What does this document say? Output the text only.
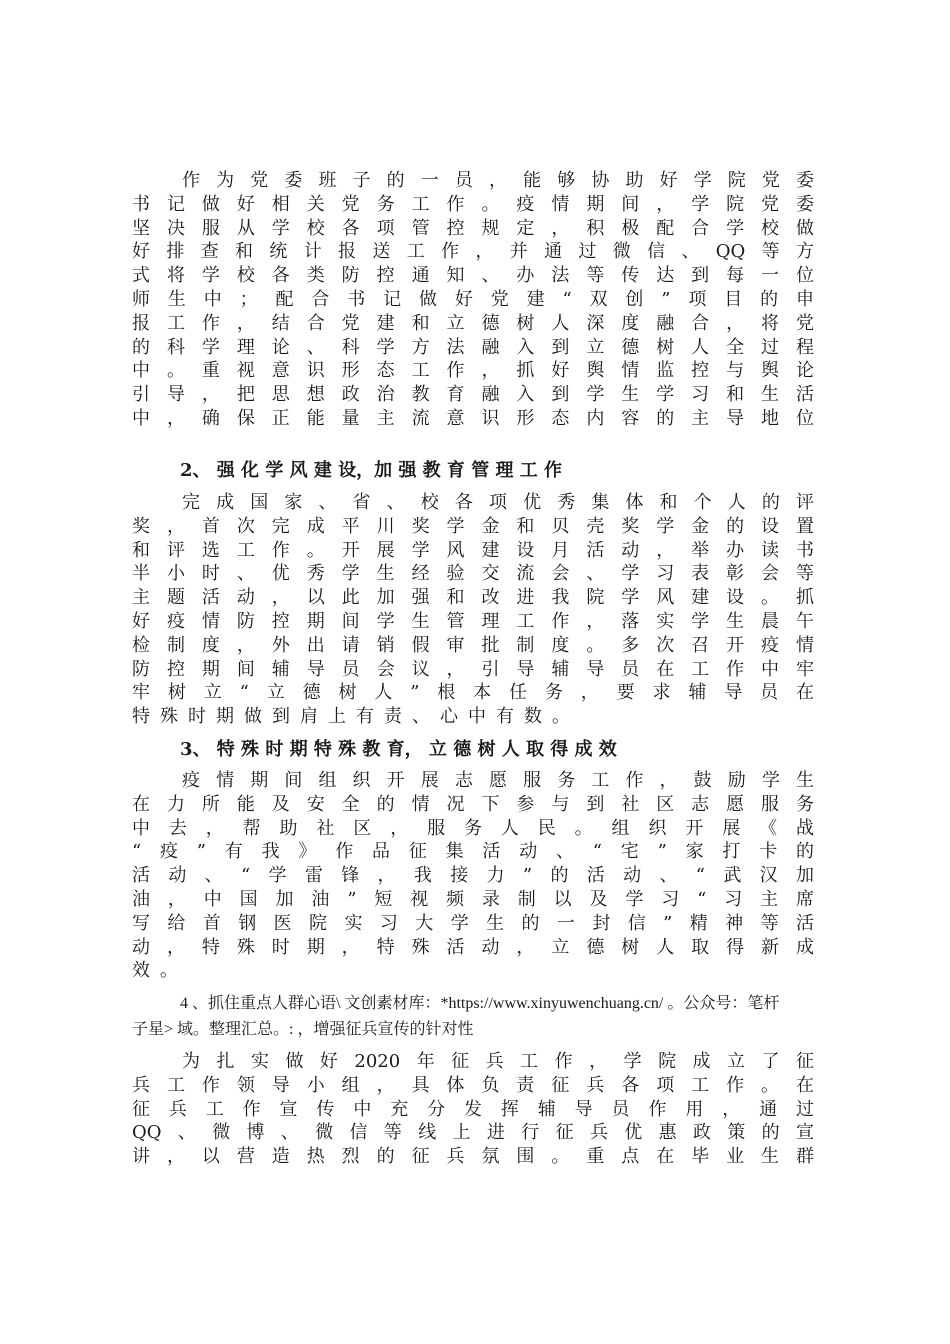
作为党委班子的一员，能够协助好学院党委
书记做好相关党务工作。疫情期间，学院党委
坚决服从学校各项管控规定，积极配合学校做
好排查和统计报送工作，并通过微信、QQ等方
式将学校各类防控通知、办法等传达到每一位
师生中；配合书记做好党建“双创”项目的申
报工作，结合党建和立德树人深度融合，将党
的科学理论、科学方法融入到立德树人全过程
中。重视意识形态工作，抓好舆情监控与舆论
引导，把思想政治教育融入到学生学习和生活
中，确保正能量主流意识形态内容的主导地位
2、 强 化 学 风 建 设，加 强 教 育 管 理 工 作
完成国家、省、校各项优秀集体和个人的评
奖，首次完成平川奖学金和贝壳奖学金的设置
和评选工作。开展学风建设月活动，举办读书
半小时、优秀学生经验交流会、学习表彰会等
主题活动，以此加强和改进我院学风建设。抓
好疫情防控期间学生管理工作，落实学生晨午
检制度，外出请销假审批制度。多次召开疫情
防控期间辅导员会议，引导辅导员在工作中牢
牢树立“立德树人”根本任务，要求辅导员在
特殊时期做到肩上有责、心中有数。
3、 特 殊 时 期 特 殊 教 育， 立 德 树 人 取 得 成 效
疫情期间组织开展志愿服务工作，鼓励学生
在力所能及安全的情况下参与到社区志愿服务
中去，帮助社区，服务人民。组织开展《战
“疫”有我》作品征集活动、“宅”家打卡的
活动、“学雷锋，我接力”的活动、“武汉加
油，中国加油”短视频录制以及学习“习主席
写给首钢医院实习大学生的一封信”精神等活
动，特殊时期，特殊活动，立德树人取得新成
效。
4 、抓住重点人群心语\ 文创素材库：*https://www.xinyuwenchuang.cn/ 。公众号：笔杆
子星> 域。整理汇总。: ，增强征兵宣传的针对性
为扎实做好2020年征兵工作，学院成立了征
兵工作领导小组，具体负责征兵各项工作。在
征兵工作宣传中充分发挥辅导员作用，通过
QQ、微博、微信等线上进行征兵优惠政策的宣
讲，以营造热烈的征兵氛围。重点在毕业生群
